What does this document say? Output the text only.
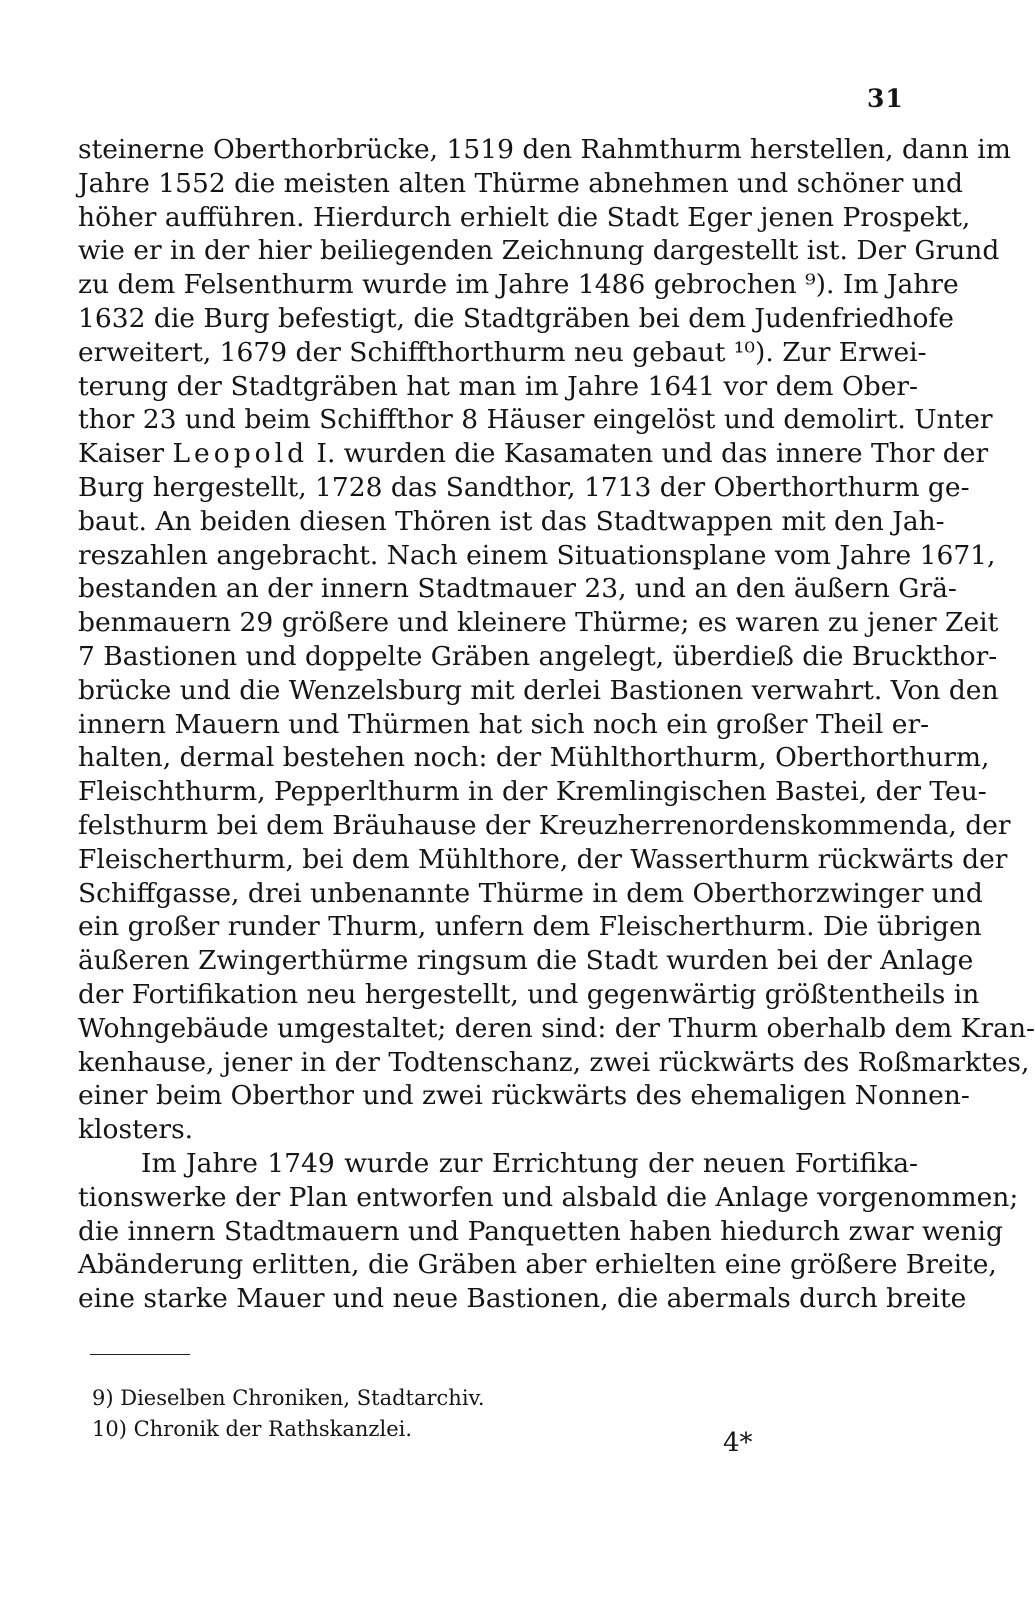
31
steinerne Oberthorbrücke, 1519 den Rahmthurm herstellen, dann im
Jahre 1552 die meisten alten Thürme abnehmen und schöner und
höher aufführen. Hierdurch erhielt die Stadt Eger jenen Prospekt,
wie er in der hier beiliegenden Zeichnung dargestellt ist. Der Grund
zu dem Felsenthurm wurde im Jahre 1486 gebrochen ⁹). Im Jahre
1632 die Burg befestigt, die Stadtgräben bei dem Judenfriedhofe
erweitert, 1679 der Schiffthorthurm neu gebaut ¹⁰). Zur Erwei-
terung der Stadtgräben hat man im Jahre 1641 vor dem Ober-
thor 23 und beim Schiffthor 8 Häuser eingelöst und demolirt. Unter
Kaiser Leopold I. wurden die Kasamaten und das innere Thor der
Burg hergestellt, 1728 das Sandthor, 1713 der Oberthorthurm ge-
baut. An beiden diesen Thören ist das Stadtwappen mit den Jah-
reszahlen angebracht. Nach einem Situationsplane vom Jahre 1671,
bestanden an der innern Stadtmauer 23, und an den äußern Grä-
benmauern 29 größere und kleinere Thürme; es waren zu jener Zeit
7 Bastionen und doppelte Gräben angelegt, überdieß die Bruckthor-
brücke und die Wenzelsburg mit derlei Bastionen verwahrt. Von den
innern Mauern und Thürmen hat sich noch ein großer Theil er-
halten, dermal bestehen noch: der Mühlthorthurm, Oberthorthurm,
Fleischthurm, Pepperlthurm in der Kremlingischen Bastei, der Teu-
felsthurm bei dem Bräuhause der Kreuzherrenordenskommenda, der
Fleischerthurm, bei dem Mühlthore, der Wasserthurm rückwärts der
Schiffgasse, drei unbenannte Thürme in dem Oberthorzwinger und
ein großer runder Thurm, unfern dem Fleischerthurm. Die übrigen
äußeren Zwingerthürme ringsum die Stadt wurden bei der Anlage
der Fortifikation neu hergestellt, und gegenwärtig größtentheils in
Wohngebäude umgestaltet; deren sind: der Thurm oberhalb dem Kran-
kenhause, jener in der Todtenschanz, zwei rückwärts des Roßmarktes,
einer beim Oberthor und zwei rückwärts des ehemaligen Nonnen-
klosters.
Im Jahre 1749 wurde zur Errichtung der neuen Fortifika-
tionswerke der Plan entworfen und alsbald die Anlage vorgenommen;
die innern Stadtmauern und Panquetten haben hiedurch zwar wenig
Abänderung erlitten, die Gräben aber erhielten eine größere Breite,
eine starke Mauer und neue Bastionen, die abermals durch breite
9) Dieselben Chroniken, Stadtarchiv.
10) Chronik der Rathskanzlei.	4*
